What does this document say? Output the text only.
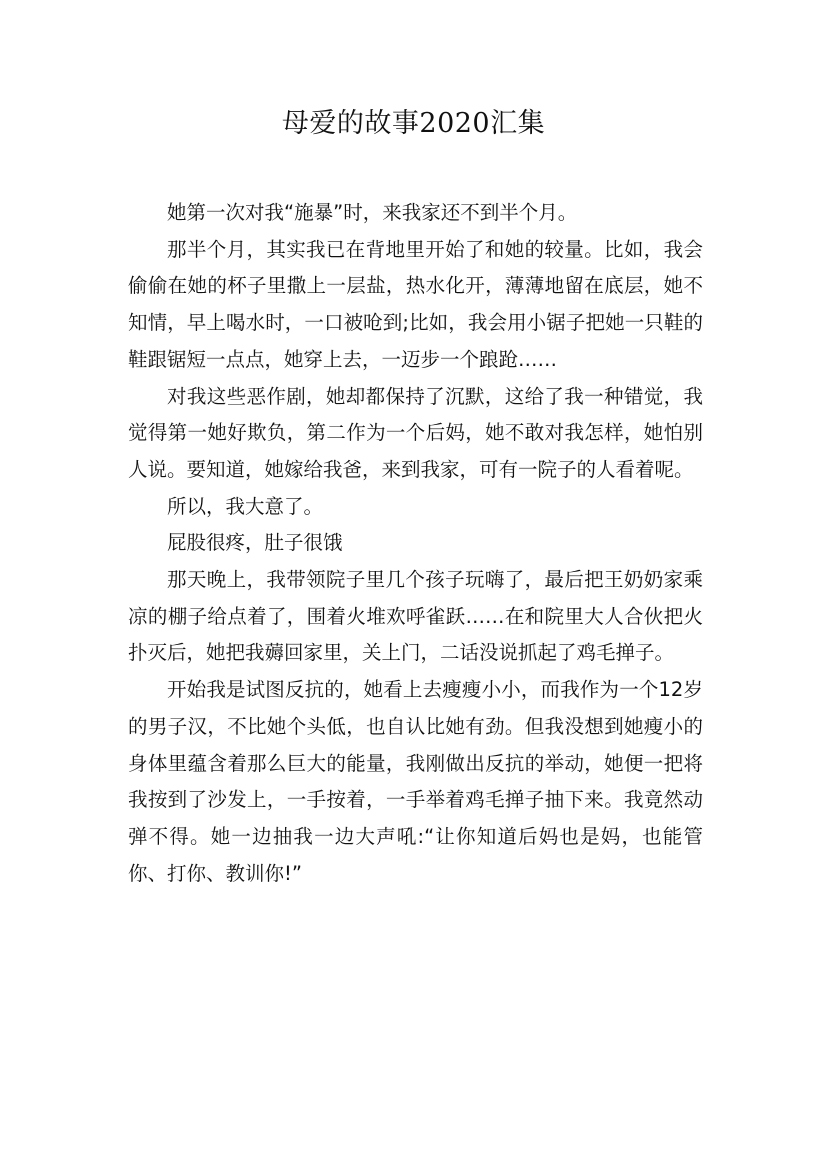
母爱的故事2020汇集

她第一次对我“施暴”时，来我家还不到半个月。

那半个月，其实我已在背地里开始了和她的较量。比如，我会偷偷在她的杯子里撒上一层盐，热水化开，薄薄地留在底层，她不知情，早上喝水时，一口被呛到;比如，我会用小锯子把她一只鞋的鞋跟锯短一点点，她穿上去，一迈步一个踉跄……

对我这些恶作剧，她却都保持了沉默，这给了我一种错觉，我觉得第一她好欺负，第二作为一个后妈，她不敢对我怎样，她怕别人说。要知道，她嫁给我爸，来到我家，可有一院子的人看着呢。

所以，我大意了。

屁股很疼，肚子很饿

那天晚上，我带领院子里几个孩子玩嗨了，最后把王奶奶家乘凉的棚子给点着了，围着火堆欢呼雀跃……在和院里大人合伙把火扑灭后，她把我薅回家里，关上门，二话没说抓起了鸡毛掸子。

开始我是试图反抗的，她看上去瘦瘦小小，而我作为一个12岁的男子汉，不比她个头低，也自认比她有劲。但我没想到她瘦小的身体里蕴含着那么巨大的能量，我刚做出反抗的举动，她便一把将我按到了沙发上，一手按着，一手举着鸡毛掸子抽下来。我竟然动弹不得。她一边抽我一边大声吼:“让你知道后妈也是妈，也能管你、打你、教训你!”
